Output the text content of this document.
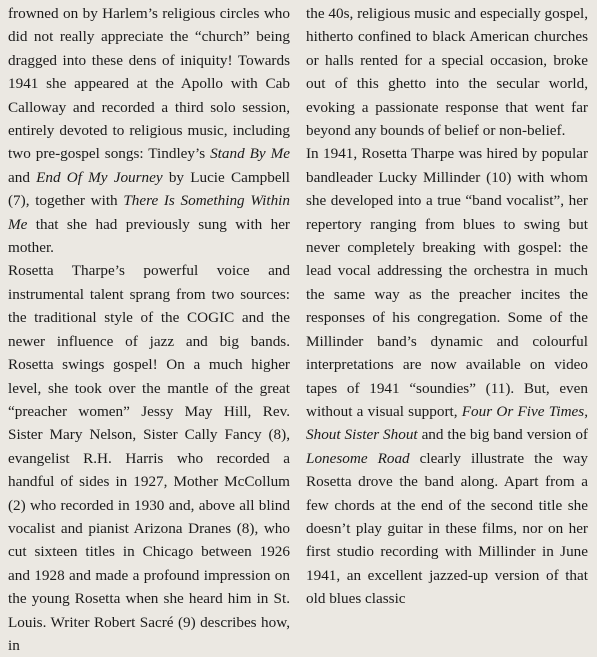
frowned on by Harlem’s religious circles who did not really appreciate the “church” being dragged into these dens of iniquity! Towards 1941 she appeared at the Apollo with Cab Calloway and recorded a third solo session, entirely devoted to religious music, including two pre-gospel songs: Tindley’s Stand By Me and End Of My Journey by Lucie Campbell (7), together with There Is Something Within Me that she had previously sung with her mother.

Rosetta Tharpe’s powerful voice and instrumental talent sprang from two sources: the traditional style of the COGIC and the newer influence of jazz and big bands. Rosetta swings gospel! On a much higher level, she took over the mantle of the great “preacher women” Jessy May Hill, Rev. Sister Mary Nelson, Sister Cally Fancy (8), evangelist R.H. Harris who recorded a handful of sides in 1927, Mother McCollum (2) who recorded in 1930 and, above all blind vocalist and pianist Arizona Dranes (8), who cut sixteen titles in Chicago between 1926 and 1928 and made a profound impression on the young Rosetta when she heard him in St. Louis. Writer Robert Sacré (9) describes how, in

the 40s, religious music and especially gospel, hitherto confined to black American churches or halls rented for a special occasion, broke out of this ghetto into the secular world, evoking a passionate response that went far beyond any bounds of belief or non-belief.

In 1941, Rosetta Tharpe was hired by popular bandleader Lucky Millinder (10) with whom she developed into a true “band vocalist”, her repertory ranging from blues to swing but never completely breaking with gospel: the lead vocal addressing the orchestra in much the same way as the preacher incites the responses of his congregation. Some of the Millinder band’s dynamic and colourful interpretations are now available on video tapes of 1941 “soundies” (11). But, even without a visual support, Four Or Five Times, Shout Sister Shout and the big band version of Lonesome Road clearly illustrate the way Rosetta drove the band along. Apart from a few chords at the end of the second title she doesn’t play guitar in these films, nor on her first studio recording with Millinder in June 1941, an excellent jazzed-up version of that old blues classic
